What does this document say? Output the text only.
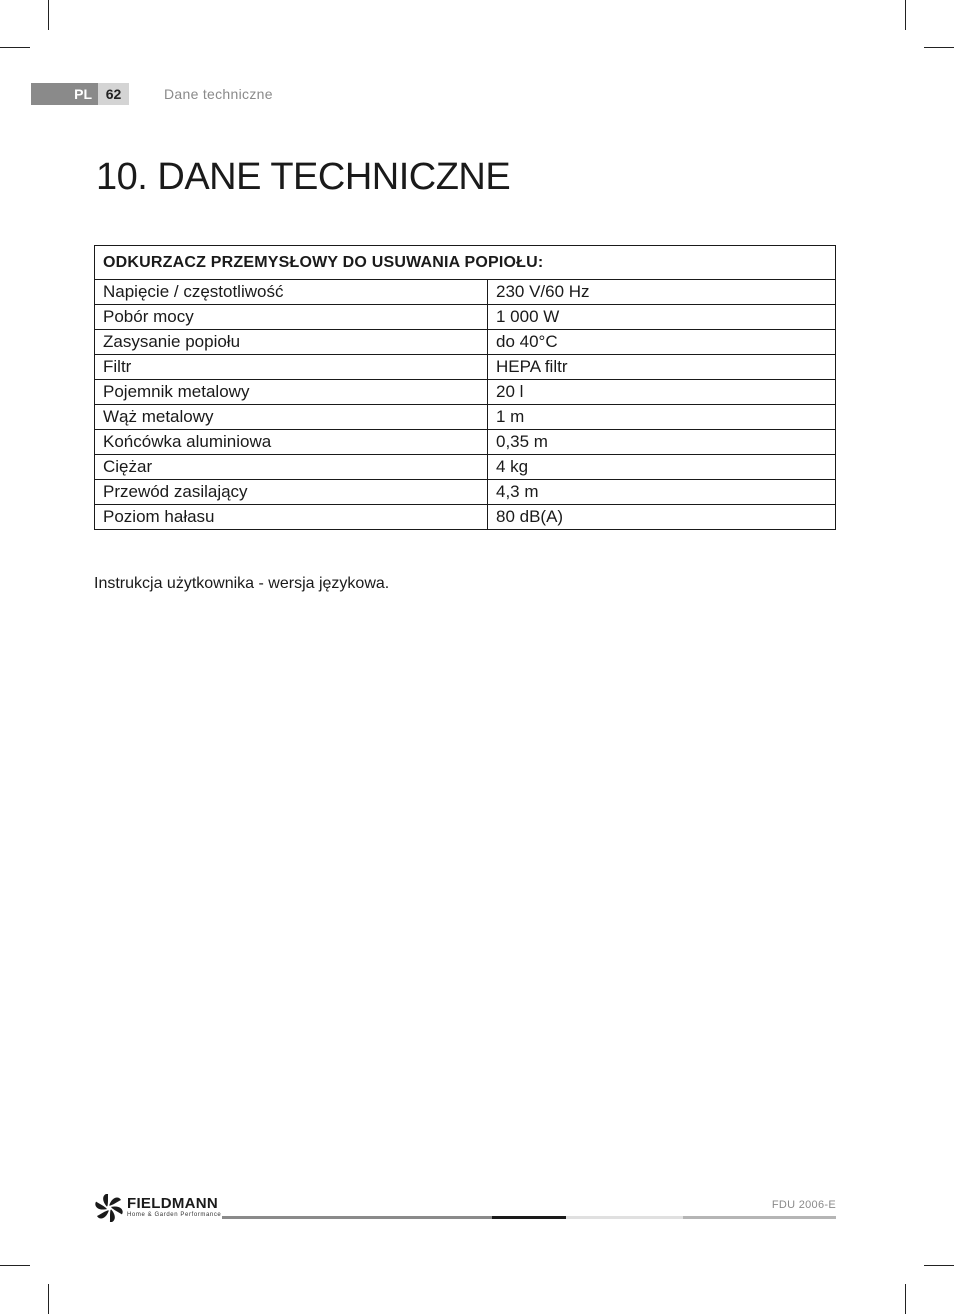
PL 62	Dane techniczne
10. DANE TECHNICZNE
ODKURZACZ PRZEMYSŁOWY DO USUWANIA POPIOŁU:	
Napięcie / częstotliwość	230 V/60 Hz
Pobór mocy	1 000 W
Zasysanie popiołu	do 40°C
Filtr	HEPA filtr
Pojemnik metalowy	20 l
Wąż metalowy	1 m
Końcówka aluminiowa	0,35 m
Ciężar	4 kg
Przewód zasilający	4,3 m
Poziom hałasu	80 dB(A)

Instrukcja użytkownika - wersja językowa.

FIELDMANN
Home & Garden Performance
FDU 2006-E
